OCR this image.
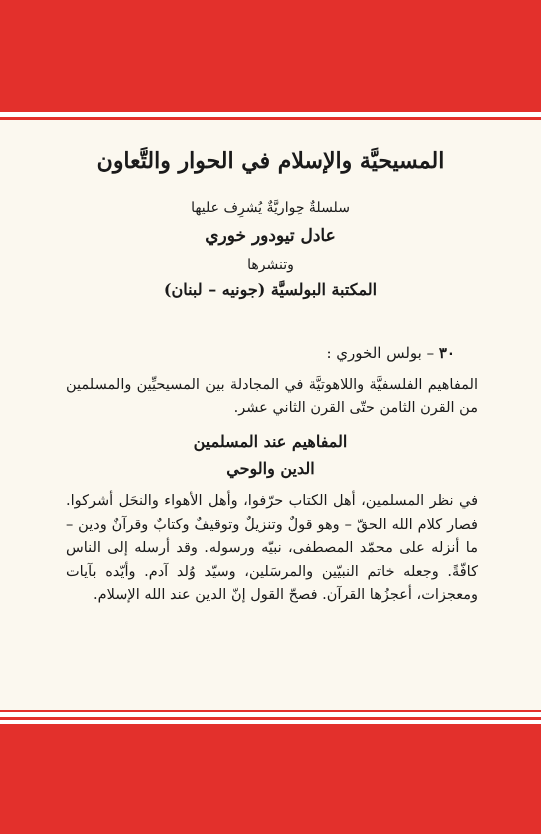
المسيحيَّة والإسلام في الحوار والتَّعاون
سلسلةٌ حِواريَّةٌ يُشرِف عليها
عادل تيودور خوري
وتنشرها
المكتبة البولسيَّة (جونيه – لبنان)
٣٠ – بولس الخوري :
المفاهيم الفلسفيَّة واللاهوتيَّة في المجادلة بين المسيحيِّين والمسلمين من القرن الثامن حتّى القرن الثاني عشر.
المفاهيم عند المسلمين
الدين والوحي
في نظر المسلمين، أهل الكتاب حرّفوا، وأهل الأهواء والنحَل أشركوا. فصار كلام الله الحقّ – وهو قولٌ وتنزيلٌ وتوقيفٌ وكتابٌ وقرآنٌ ودين – ما أنزله على محمّد المصطفى، نبيّه ورسوله. وقد أرسله إلى الناس كافّةً. وجعله خاتم النبيّين والمرسَلين، وسيّد وُلد آدم. وأيّده بآيات ومعجزات، أعجزُها القرآن. فصحّ القول إنّ الدين عند الله الإسلام.
